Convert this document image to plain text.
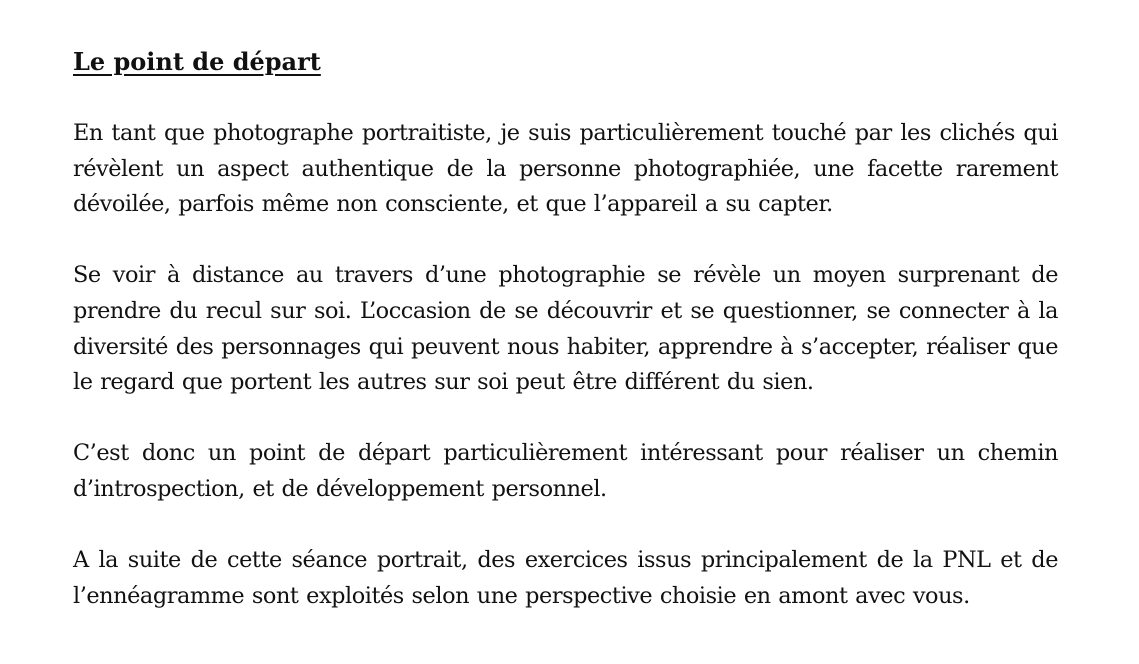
Le point de départ

En tant que photographe portraitiste, je suis particulièrement touché par les clichés qui révèlent un aspect authentique de la personne photographiée, une facette rarement dévoilée, parfois même non consciente, et que l’appareil a su capter.

Se voir à distance au travers d’une photographie se révèle un moyen surprenant de prendre du recul sur soi. L’occasion de se découvrir et se questionner, se connecter à la diversité des personnages qui peuvent nous habiter, apprendre à s’accepter, réaliser que le regard que portent les autres sur soi peut être différent du sien.

C’est donc un point de départ particulièrement intéressant pour réaliser un chemin d’introspection, et de développement personnel.

A la suite de cette séance portrait, des exercices issus principalement de la PNL et de l’ennéagramme sont exploités selon une perspective choisie en amont avec vous.
